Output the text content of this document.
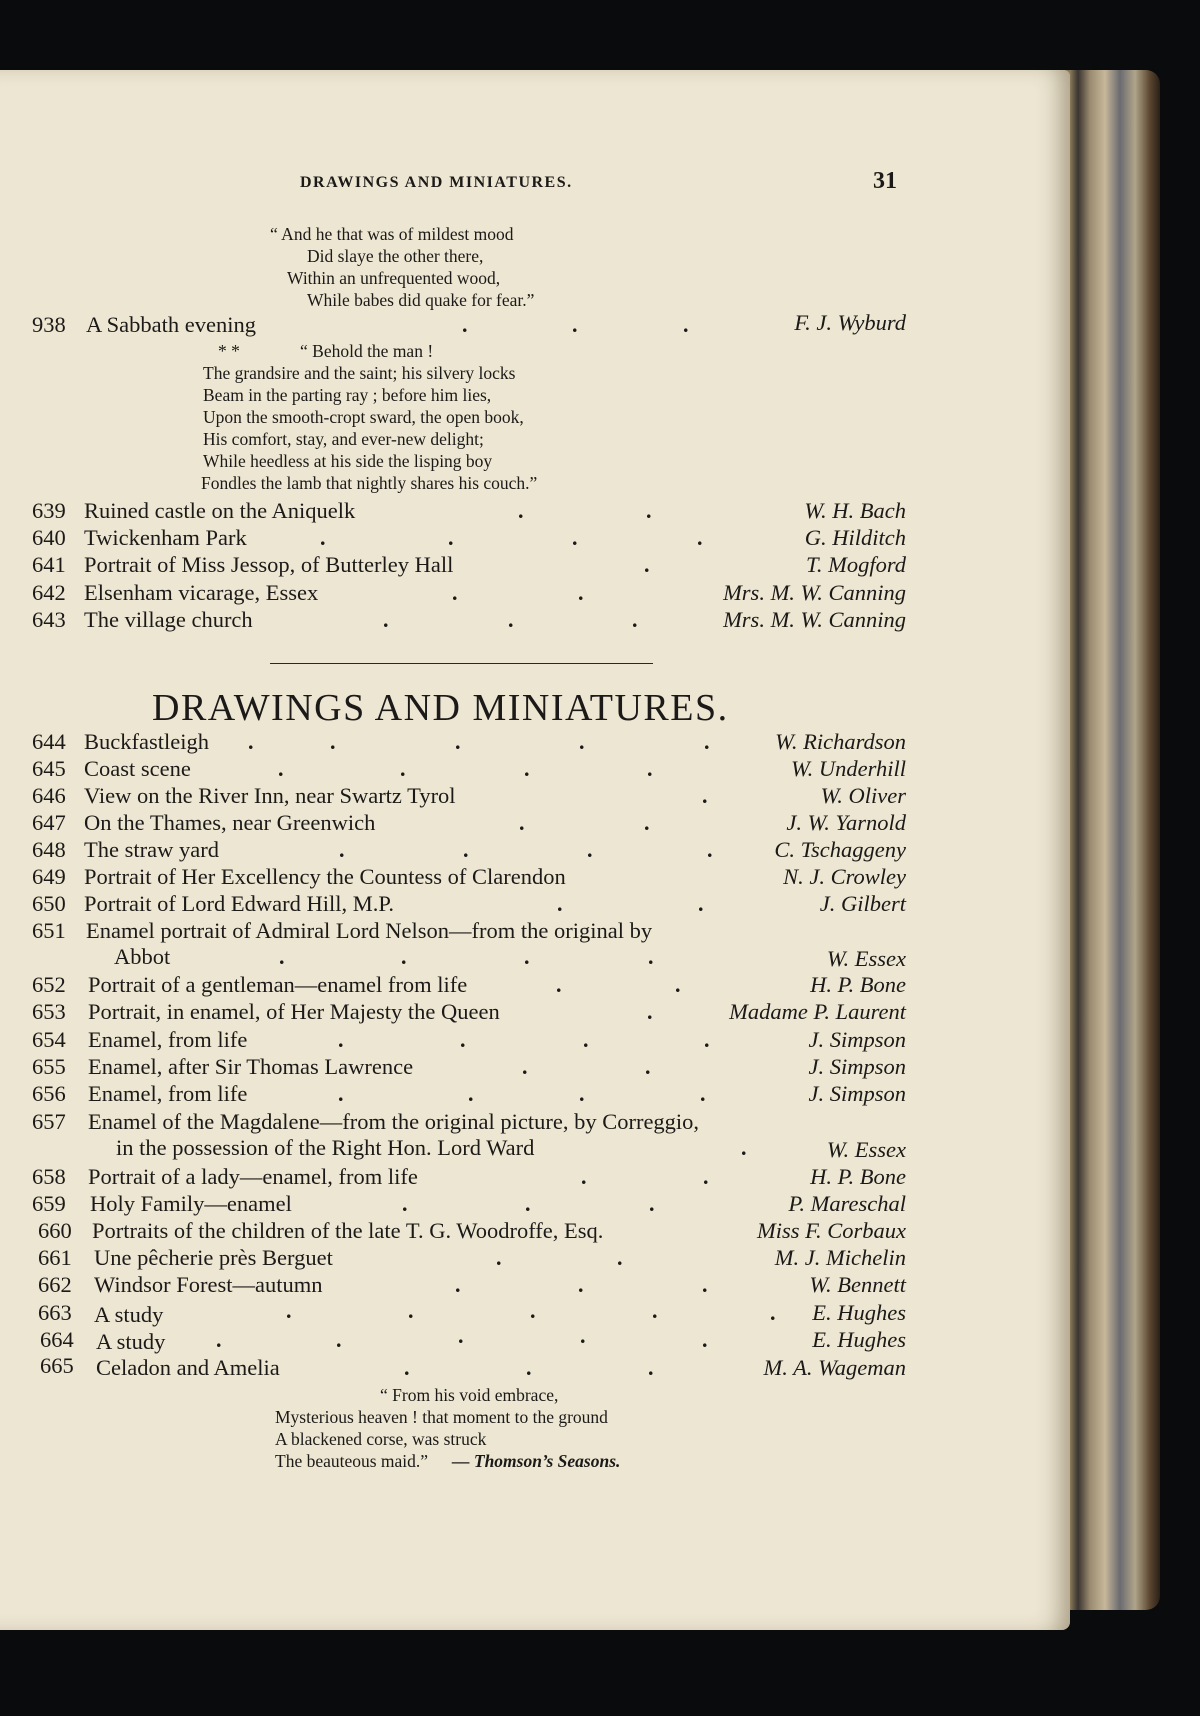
DRAWINGS AND MINIATURES.	31
“ And he that was of mildest mood
Did slaye the other there,
Within an unfrequented wood,
While babes did quake for fear.”
938 A Sabbath evening	.	.	.	F. J. Wyburd
* *	“ Behold the man !
The grandsire and the saint; his silvery locks
Beam in the parting ray ; before him lies,
Upon the smooth-cropt sward, the open book,
His comfort, stay, and ever-new delight;
While heedless at his side the lisping boy
Fondles the lamb that nightly shares his couch.”
639 Ruined castle on the Aniquelk	.	.	W. H. Bach
640 Twickenham Park	.	.	.	.	G. Hilditch
641 Portrait of Miss Jessop, of Butterley Hall	.	T. Mogford
642 Elsenham vicarage, Essex	.	.	Mrs. M. W. Canning
643 The village church	.	.	.	Mrs. M. W. Canning
DRAWINGS AND MINIATURES.
644 Buckfastleigh .	.	.	.	.	W. Richardson
645 Coast scene	.	.	.	.	W. Underhill
646 View on the River Inn, near Swartz Tyrol	.	W. Oliver
647 On the Thames, near Greenwich	.	.	J. W. Yarnold
648 The straw yard	.	.	.	.	C. Tschaggeny
649 Portrait of Her Excellency the Countess of Clarendon	N. J. Crowley
650 Portrait of Lord Edward Hill, M.P.	.	.	J. Gilbert
651 Enamel portrait of Admiral Lord Nelson—from the original by
Abbot	.	.	.	.	W. Essex
652 Portrait of a gentleman—enamel from life	.	.	H. P. Bone
653 Portrait, in enamel, of Her Majesty the Queen	.	Madame P. Laurent
654 Enamel, from life	.	.	.	.	J. Simpson
655 Enamel, after Sir Thomas Lawrence	.	.	J. Simpson
656 Enamel, from life	.	.	.	.	J. Simpson
657 Enamel of the Magdalene—from the original picture, by Correggio,
in the possession of the Right Hon. Lord Ward	.	W. Essex
658 Portrait of a lady—enamel, from life	.	.	H. P. Bone
659 Holy Family—enamel	.	.	.	P. Mareschal
660 Portraits of the children of the late T. G. Woodroffe, Esq.	Miss F. Corbaux
661 Une pêcherie près Berguet	.	.	M. J. Michelin
662 Windsor Forest—autumn	.	.	.	W. Bennett
663 A study	.	.	.	.	. E. Hughes
664 A study .	.	.	.	.	E. Hughes
665 Celadon and Amelia	.	.	.	M. A. Wageman
“ From his void embrace,
Mysterious heaven ! that moment to the ground
A blackened corse, was struck
The beauteous maid.” — Thomson’s Seasons.
